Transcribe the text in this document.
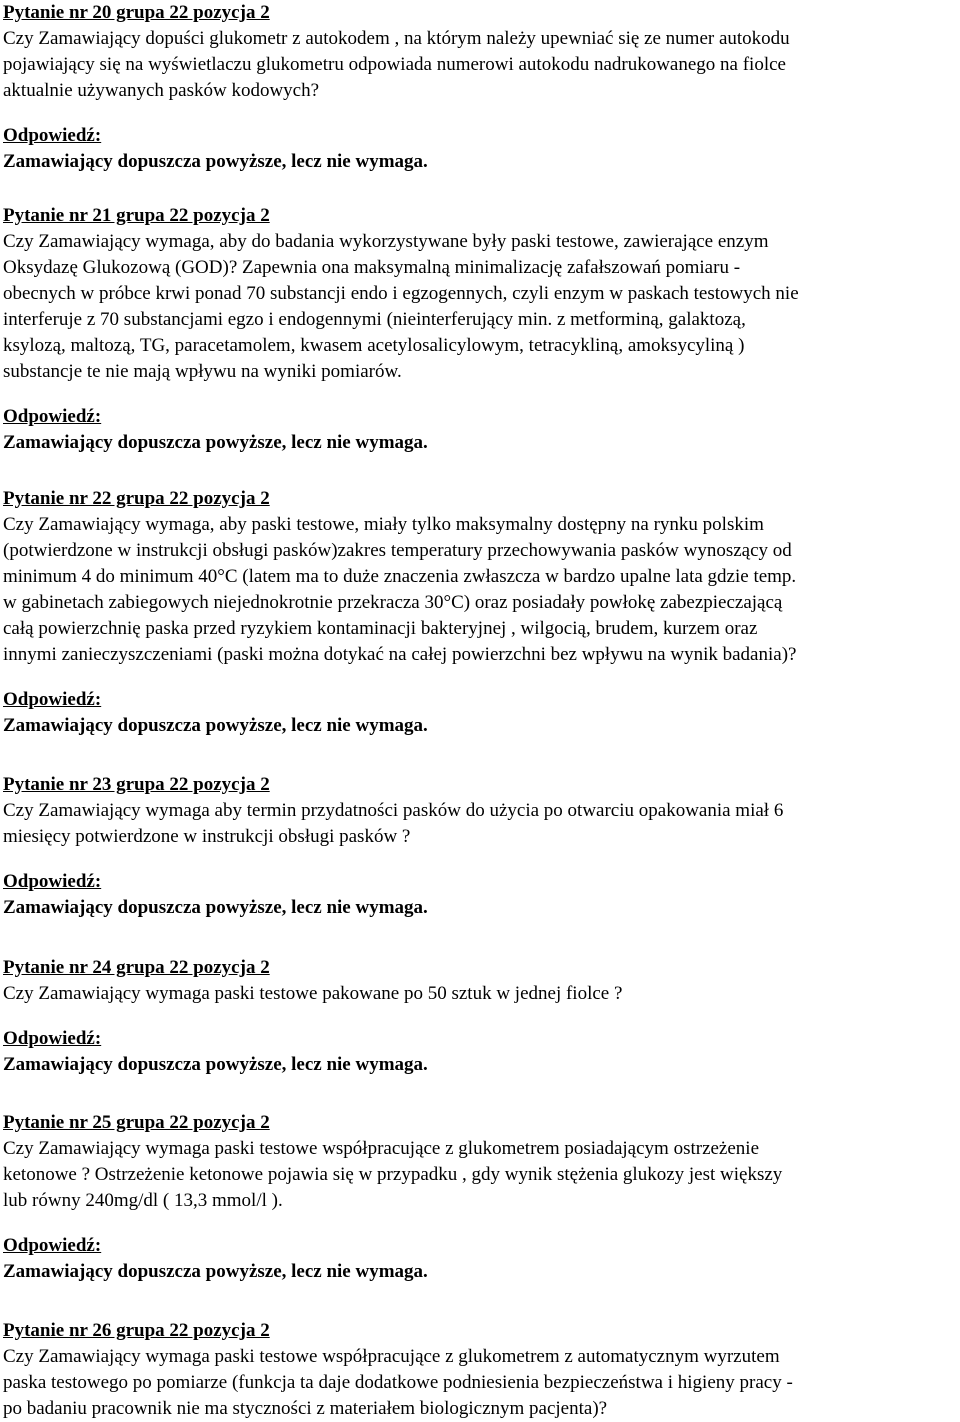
Pytanie nr 20 grupa 22 pozycja 2

Czy Zamawiający dopuści glukometr z autokodem , na którym należy upewniać się ze numer autokodu
pojawiający się na wyświetlaczu glukometru odpowiada numerowi autokodu nadrukowanego na fiolce
aktualnie używanych pasków kodowych?

Odpowiedź:

Zamawiający dopuszcza powyższe, lecz nie wymaga.

Pytanie nr 21 grupa 22 pozycja 2

Czy Zamawiający wymaga, aby do badania wykorzystywane były paski testowe, zawierające enzym
Oksydazę Glukozową (GOD)? Zapewnia ona maksymalną minimalizację zafałszowań pomiaru -
obecnych w próbce krwi ponad 70 substancji endo i egzogennych, czyli enzym w paskach testowych nie
interferuje z 70 substancjami egzo i endogennymi (nieinterferujący min. z metforminą, galaktozą,
ksylozą, maltozą, TG, paracetamolem, kwasem acetylosalicylowym, tetracykliną, amoksycyliną )
substancje te nie mają wpływu na wyniki pomiarów.

Odpowiedź:

Zamawiający dopuszcza powyższe, lecz nie wymaga.

Pytanie nr 22 grupa 22 pozycja 2

Czy Zamawiający wymaga, aby paski testowe, miały tylko maksymalny dostępny na rynku polskim
(potwierdzone w instrukcji obsługi pasków)zakres temperatury przechowywania pasków wynoszący od
minimum 4 do minimum 40°C (latem ma to duże znaczenia zwłaszcza w bardzo upalne lata gdzie temp.
w gabinetach zabiegowych niejednokrotnie przekracza 30°C) oraz posiadały powłokę zabezpieczającą
całą powierzchnię paska przed ryzykiem kontaminacji bakteryjnej , wilgocią, brudem, kurzem oraz
innymi zanieczyszczeniami (paski można dotykać na całej powierzchni bez wpływu na wynik badania)?

Odpowiedź:

Zamawiający dopuszcza powyższe, lecz nie wymaga.

Pytanie nr 23 grupa 22 pozycja 2

Czy Zamawiający wymaga aby termin przydatności pasków do użycia po otwarciu opakowania miał 6
miesięcy potwierdzone w instrukcji obsługi pasków ?

Odpowiedź:

Zamawiający dopuszcza powyższe, lecz nie wymaga.

Pytanie nr 24 grupa 22 pozycja 2

Czy Zamawiający wymaga paski testowe pakowane po 50 sztuk w jednej fiolce ?

Odpowiedź:

Zamawiający dopuszcza powyższe, lecz nie wymaga.

Pytanie nr 25 grupa 22 pozycja 2

Czy Zamawiający wymaga paski testowe współpracujące z glukometrem posiadającym ostrzeżenie
ketonowe ? Ostrzeżenie ketonowe pojawia się w przypadku , gdy wynik stężenia glukozy jest większy
lub równy 240mg/dl ( 13,3 mmol/l ).

Odpowiedź:

Zamawiający dopuszcza powyższe, lecz nie wymaga.

Pytanie nr 26 grupa 22 pozycja 2

Czy Zamawiający wymaga paski testowe współpracujące z glukometrem z automatycznym wyrzutem
paska testowego po pomiarze (funkcja ta daje dodatkowe podniesienia bezpieczeństwa i higieny pracy -
po badaniu pracownik nie ma styczności z materiałem biologicznym pacjenta)?
